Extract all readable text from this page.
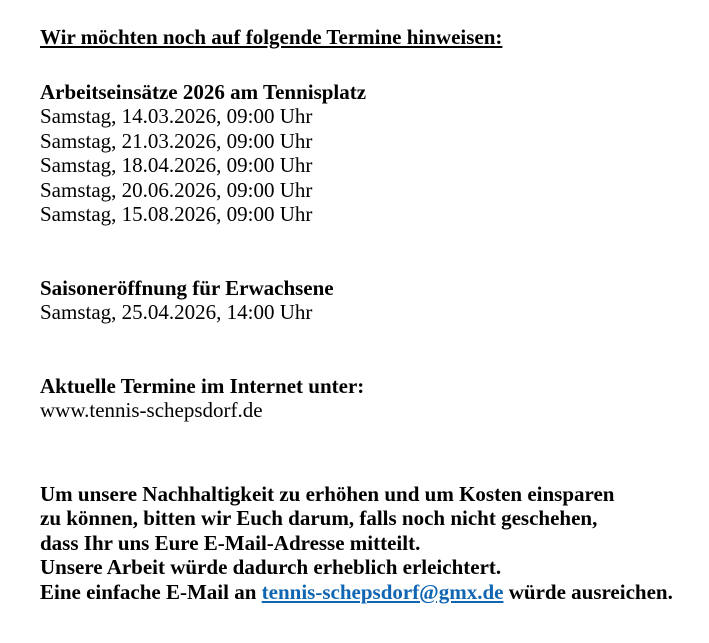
Wir möchten noch auf folgende Termine hinweisen:

Arbeitseinsätze 2026 am Tennisplatz

Samstag, 14.03.2026, 09:00 Uhr

Samstag, 21.03.2026, 09:00 Uhr

Samstag, 18.04.2026, 09:00 Uhr

Samstag, 20.06.2026, 09:00 Uhr

Samstag, 15.08.2026, 09:00 Uhr

Saisoneröffnung für Erwachsene

Samstag, 25.04.2026, 14:00 Uhr

Aktuelle Termine im Internet unter:

www.tennis-schepsdorf.de

Um unsere Nachhaltigkeit zu erhöhen und um Kosten einsparen

zu können, bitten wir Euch darum, falls noch nicht geschehen,

dass Ihr uns Eure E-Mail-Adresse mitteilt.

Unsere Arbeit würde dadurch erheblich erleichtert.

Eine einfache E-Mail an tennis-schepsdorf@gmx.de würde ausreichen.
